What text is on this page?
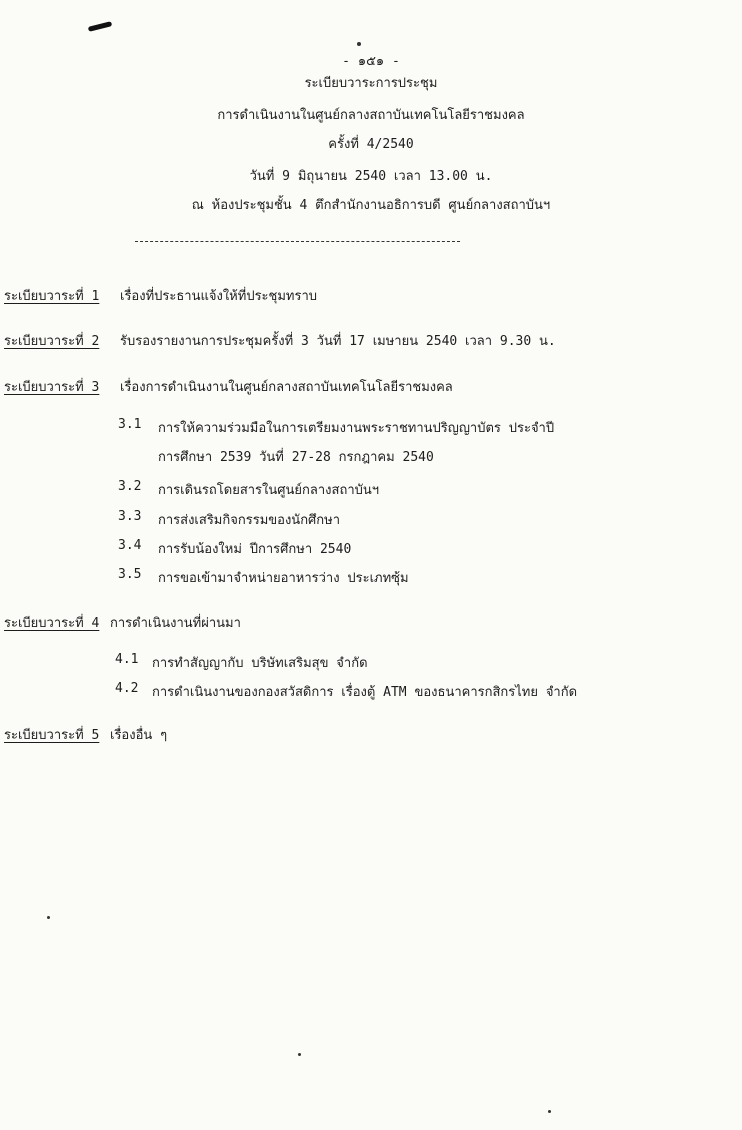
- ๑๕๑ -
ระเบียบวาระการประชุม
การดำเนินงานในศูนย์กลางสถาบันเทคโนโลยีราชมงคล
ครั้งที่ 4/2540
วันที่ 9 มิถุนายน 2540 เวลา 13.00 น.
ณ ห้องประชุมชั้น 4 ตึกสำนักงานอธิการบดี ศูนย์กลางสถาบันฯ
ระเบียบวาระที่ 1 เรื่องที่ประธานแจ้งให้ที่ประชุมทราบ
ระเบียบวาระที่ 2 รับรองรายงานการประชุมครั้งที่ 3 วันที่ 17 เมษายน 2540 เวลา 9.30 น.
ระเบียบวาระที่ 3 เรื่องการดำเนินงานในศูนย์กลางสถาบันเทคโนโลยีราชมงคล
3.1 การให้ความร่วมมือในการเตรียมงานพระราชทานปริญญาบัตร ประจำปี
การศึกษา 2539 วันที่ 27-28 กรกฎาคม 2540
3.2 การเดินรถโดยสารในศูนย์กลางสถาบันฯ
3.3 การส่งเสริมกิจกรรมของนักศึกษา
3.4 การรับน้องใหม่ ปีการศึกษา 2540
3.5 การขอเข้ามาจำหน่ายอาหารว่าง ประเภทซุ้ม
ระเบียบวาระที่ 4 การดำเนินงานที่ผ่านมา
4.1 การทำสัญญากับ บริษัทเสริมสุข จำกัด
4.2 การดำเนินงานของกองสวัสดิการ เรื่องตู้ ATM ของธนาคารกสิกรไทย จำกัด
ระเบียบวาระที่ 5 เรื่องอื่น ๆ
